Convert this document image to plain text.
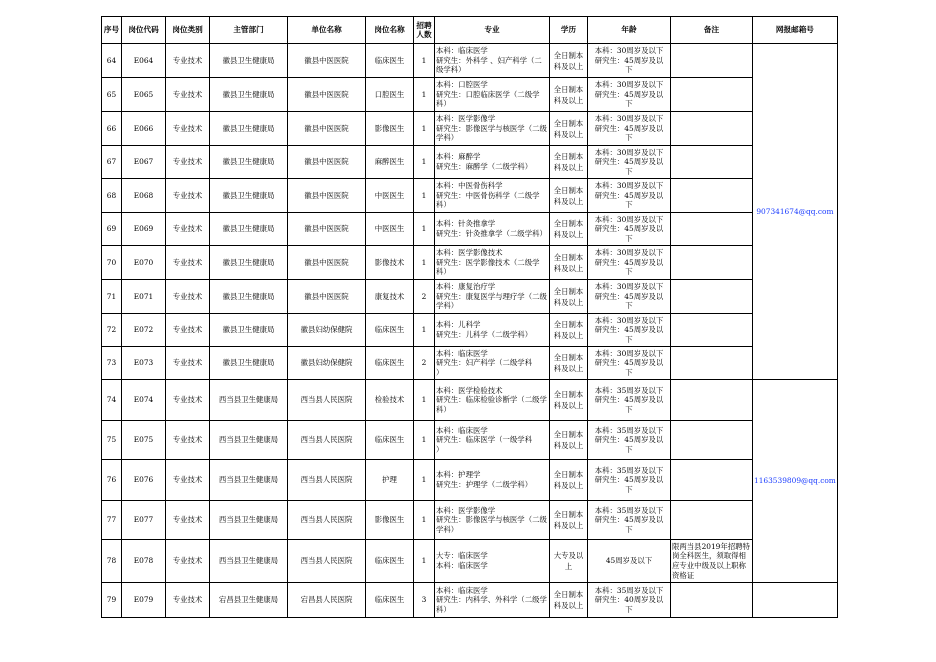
序号	岗位代码	岗位类别	主管部门	单位名称	岗位名称	招聘
人数	专业	学历	年龄	备注	网报邮箱号
64	E064	专业技术	徽县卫生健康局	徽县中医医院	临床医生	1	本科：临床医学
研究生：外科学 、妇产科学（二级学科）	全日制本
科及以上	本科：30周岁及以下
研究生：45周岁及以
下		907341674@qq.com
65	E065	专业技术	徽县卫生健康局	徽县中医医院	口腔医生	1	本科：口腔医学
研究生：口腔临床医学（二级学科）	全日制本
科及以上	本科：30周岁及以下
研究生：45周岁及以
下		
66	E066	专业技术	徽县卫生健康局	徽县中医医院	影像医生	1	本科：医学影像学
研究生：影像医学与核医学（二级学科）	全日制本
科及以上	本科：30周岁及以下
研究生：45周岁及以
下		
67	E067	专业技术	徽县卫生健康局	徽县中医医院	麻醉医生	1	本科：麻醉学
研究生：麻醉学（二级学科）	全日制本
科及以上	本科：30周岁及以下
研究生：45周岁及以
下		
68	E068	专业技术	徽县卫生健康局	徽县中医医院	中医医生	1	本科：中医骨伤科学
研究生：中医骨伤科学（二级学科）	全日制本
科及以上	本科：30周岁及以下
研究生：45周岁及以
下		
69	E069	专业技术	徽县卫生健康局	徽县中医医院	中医医生	1	本科：针灸推拿学
研究生：针灸推拿学（二级学科）	全日制本
科及以上	本科：30周岁及以下
研究生：45周岁及以
下		
70	E070	专业技术	徽县卫生健康局	徽县中医医院	影像技术	1	本科：医学影像技术
研究生：医学影像技术（二级学科）	全日制本
科及以上	本科：30周岁及以下
研究生：45周岁及以
下		
71	E071	专业技术	徽县卫生健康局	徽县中医医院	康复技术	2	本科：康复治疗学
研究生：康复医学与理疗学（二级学科）	全日制本
科及以上	本科：30周岁及以下
研究生：45周岁及以
下		
72	E072	专业技术	徽县卫生健康局	徽县妇幼保健院	临床医生	1	本科：儿科学
研究生：儿科学（二级学科）	全日制本
科及以上	本科：30周岁及以下
研究生：45周岁及以
下		
73	E073	专业技术	徽县卫生健康局	徽县妇幼保健院	临床医生	2	本科：临床医学
研究生：妇产科学（二级学科
）	全日制本
科及以上	本科：30周岁及以下
研究生：45周岁及以
下		
74	E074	专业技术	西当县卫生健康局	西当县人民医院	检验技术	1	本科：医学检验技术
研究生：临床检验诊断学（二级学科）	全日制本
科及以上	本科：35周岁及以下
研究生：45周岁及以
下		1163539809@qq.com
75	E075	专业技术	西当县卫生健康局	西当县人民医院	临床医生	1	本科：临床医学
研究生：临床医学（一级学科
）	全日制本
科及以上	本科：35周岁及以下
研究生：45周岁及以
下		
76	E076	专业技术	西当县卫生健康局	西当县人民医院	护理	1	本科：护理学
研究生：护理学（二级学科）	全日制本
科及以上	本科：35周岁及以下
研究生：45周岁及以
下		
77	E077	专业技术	西当县卫生健康局	西当县人民医院	影像医生	1	本科：医学影像学
研究生：影像医学与核医学（二级学科）	全日制本
科及以上	本科：35周岁及以下
研究生：45周岁及以
下		
78	E078	专业技术	西当县卫生健康局	西当县人民医院	临床医生	1	大专：临床医学
本科：临床医学	大专及以
上	45周岁及以下	限两当县2019年招聘特岗全科医生，须取得相应专业中级及以上职称资格证	
79	E079	专业技术	宕昌县卫生健康局	宕昌县人民医院	临床医生	3	本科：临床医学
研究生：内科学、外科学（二级学科）	全日制本
科及以上	本科：35周岁及以下
研究生：40周岁及以
下		
